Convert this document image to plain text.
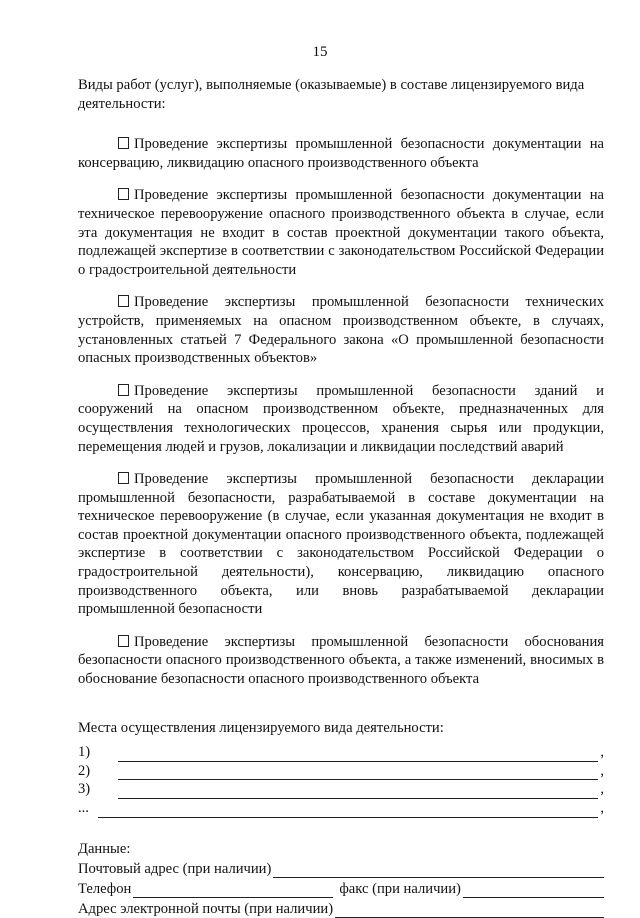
15

Виды работ (услуг), выполняемые (оказываемые) в составе лицензируемого вида деятельности:

Проведение экспертизы промышленной безопасности документации на консервацию, ликвидацию опасного производственного объекта

Проведение экспертизы промышленной безопасности документации на техническое перевооружение опасного производственного объекта в случае, если эта документация не входит в состав проектной документации такого объекта, подлежащей экспертизе в соответствии с законодательством Российской Федерации о градостроительной деятельности

Проведение экспертизы промышленной безопасности технических устройств, применяемых на опасном производственном объекте, в случаях, установленных статьей 7 Федерального закона «О промышленной безопасности опасных производственных объектов»

Проведение экспертизы промышленной безопасности зданий и сооружений на опасном производственном объекте, предназначенных для осуществления технологических процессов, хранения сырья или продукции, перемещения людей и грузов, локализации и ликвидации последствий аварий

Проведение экспертизы промышленной безопасности декларации промышленной безопасности, разрабатываемой в составе документации на техническое перевооружение (в случае, если указанная документация не входит в состав проектной документации опасного производственного объекта, подлежащей экспертизе в соответствии с законодательством Российской Федерации о градостроительной деятельности), консервацию, ликвидацию опасного производственного объекта, или вновь разрабатываемой декларации промышленной безопасности

Проведение экспертизы промышленной безопасности обоснования безопасности опасного производственного объекта, а также изменений, вносимых в обоснование безопасности опасного производственного объекта

Места осуществления лицензируемого вида деятельности:

1)	,
2)	,
3)	,
...	,
Данные:
Почтовый адрес (при наличии)
Телефон	факс (при наличии)
Адрес электронной почты (при наличии)
